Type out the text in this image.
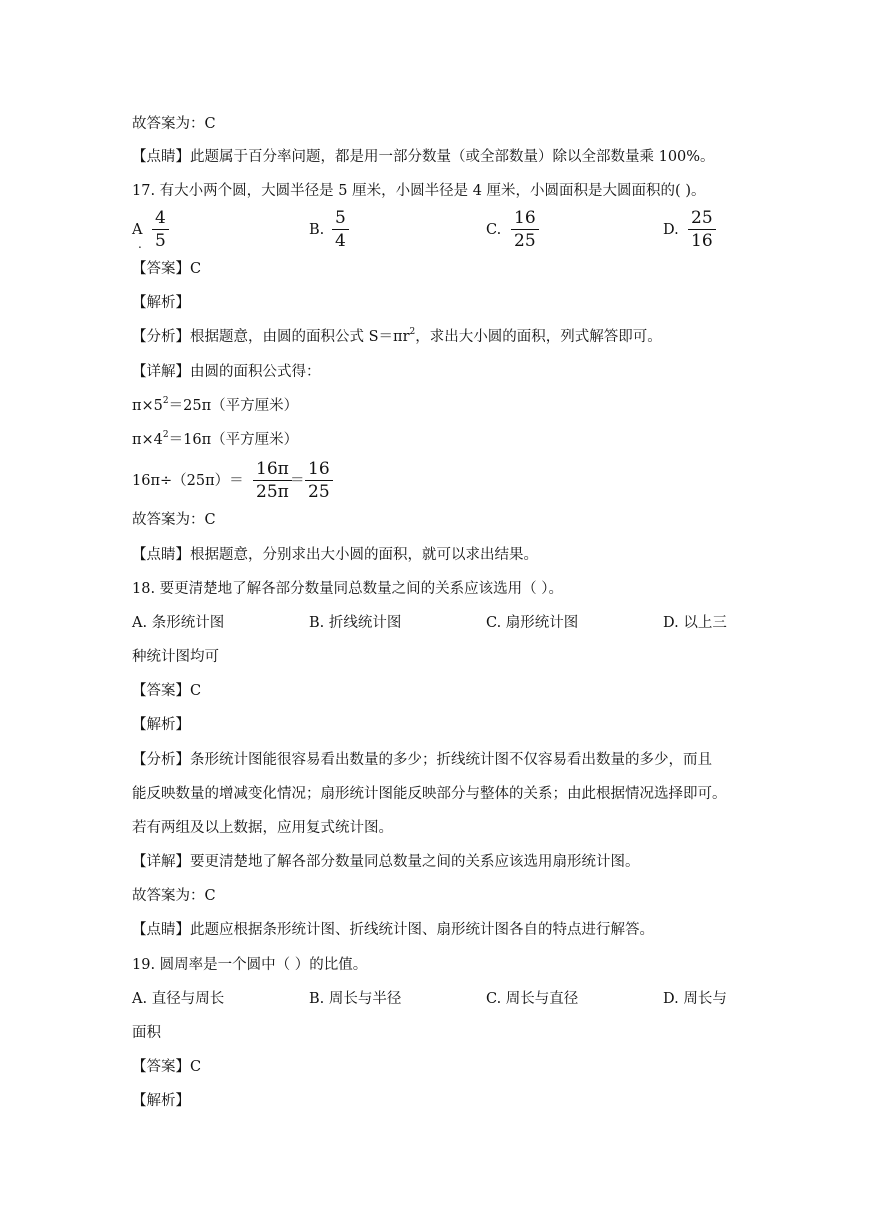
故答案为：C
【点睛】此题属于百分率问题，都是用一部分数量（或全部数量）除以全部数量乘 100%。
17. 有大小两个圆，大圆半径是 5 厘米，小圆半径是 4 厘米，小圆面积是大圆面积的( )。
A
.
4
5
B.
5
4
C.
16
25
D.
25
16
【答案】C
【解析】
【分析】根据题意，由圆的面积公式 $S=\pi r^2$，求出大小圆的面积，列式解答即可。
【详解】由圆的面积公式得：
$\pi\times 5^2=25\pi$（平方厘米）
$\pi\times 4^2=16\pi$（平方厘米）
16π÷（25π）＝
16π
25π
＝
16
25
故答案为：C
【点睛】根据题意，分别求出大小圆的面积，就可以求出结果。
18. 要更清楚地了解各部分数量同总数量之间的关系应该选用（ ）。
A. 条形统计图	B. 折线统计图	C. 扇形统计图	D. 以上三
种统计图均可
【答案】C
【解析】
【分析】条形统计图能很容易看出数量的多少；折线统计图不仅容易看出数量的多少，而且
能反映数量的增减变化情况；扇形统计图能反映部分与整体的关系；由此根据情况选择即可。
若有两组及以上数据，应用复式统计图。
【详解】要更清楚地了解各部分数量同总数量之间的关系应该选用扇形统计图。
故答案为：C
【点睛】此题应根据条形统计图、折线统计图、扇形统计图各自的特点进行解答。
19. 圆周率是一个圆中（ ）的比值。
A. 直径与周长	B. 周长与半径	C. 周长与直径	D. 周长与
面积
【答案】C
【解析】
